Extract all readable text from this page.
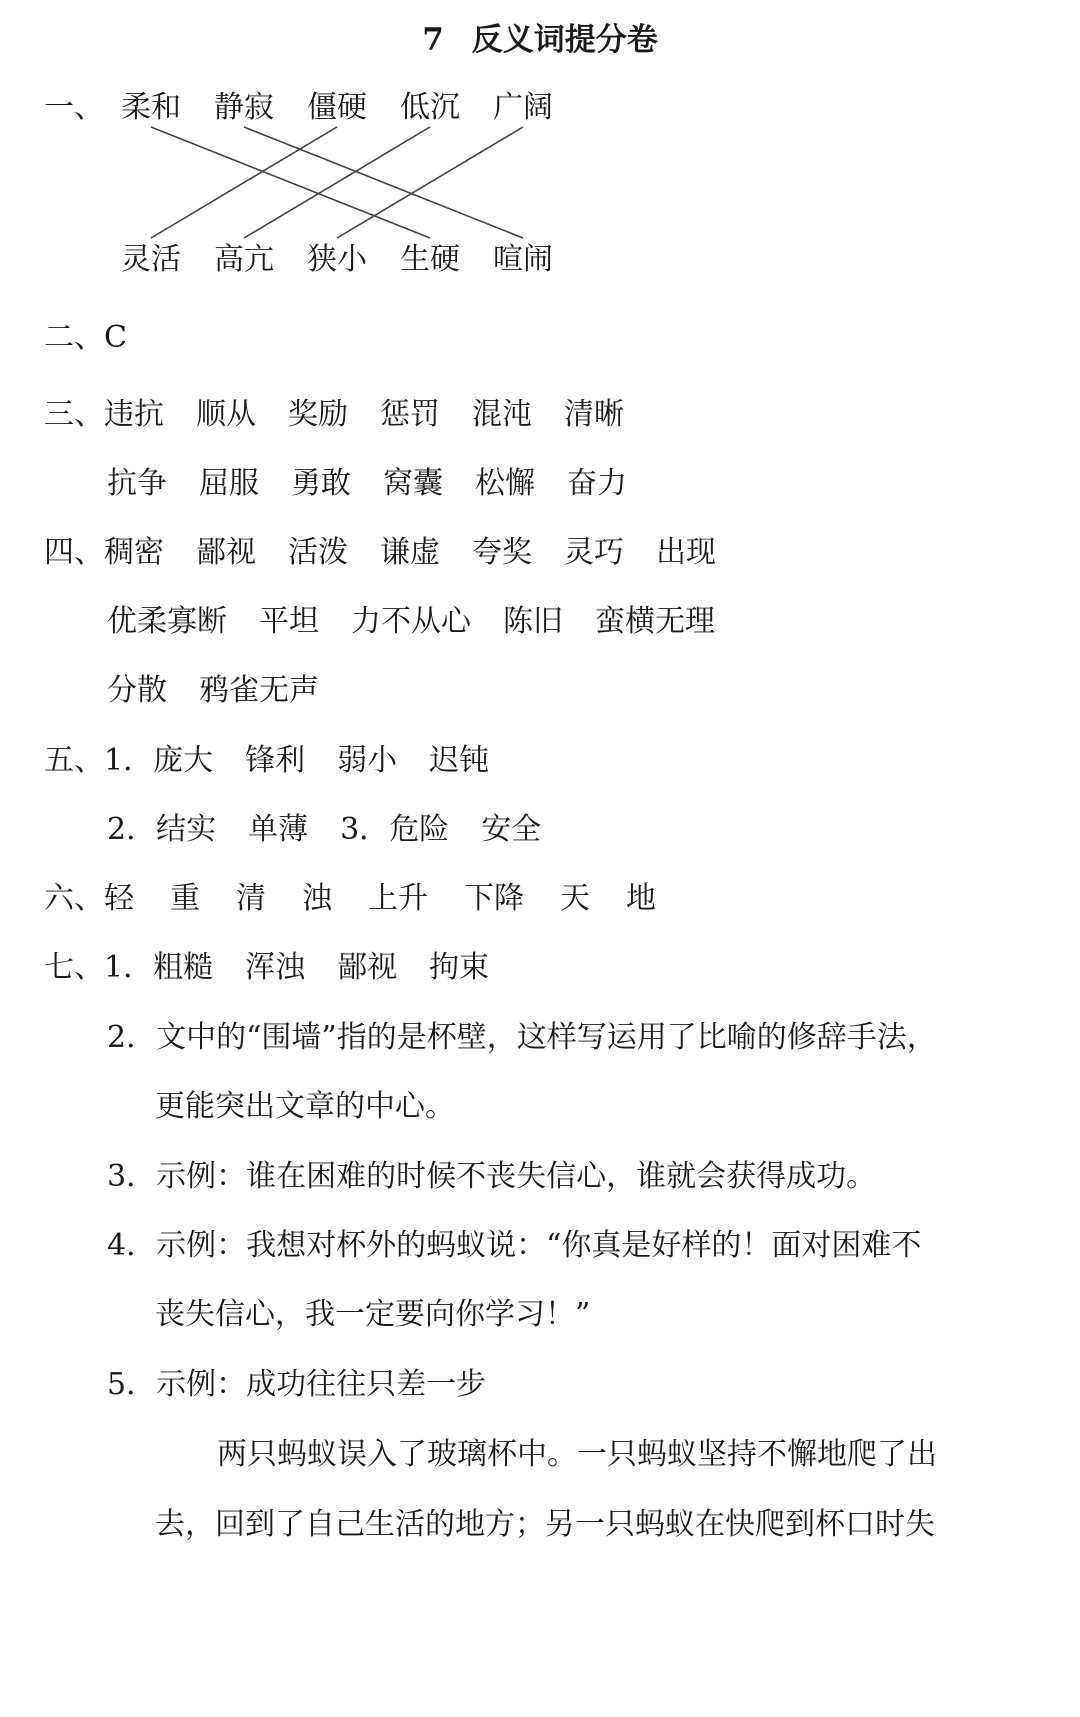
7 反义词提分卷
一、 柔和 静寂 僵硬 低沉 广阔
灵活 高亢 狭小 生硬 喧闹
二、C
三、违抗 顺从 奖励 惩罚 混沌 清晰
抗争 屈服 勇敢 窝囊 松懈 奋力
四、稠密 鄙视 活泼 谦虚 夸奖 灵巧 出现
优柔寡断 平坦 力不从心 陈旧 蛮横无理
分散 鸦雀无声
五、1．庞大 锋利 弱小 迟钝
2．结实 单薄 3．危险 安全
六、轻 重 清 浊 上升 下降 天 地
七、1．粗糙 浑浊 鄙视 拘束
2．文中的“围墙”指的是杯壁，这样写运用了比喻的修辞手法，
更能突出文章的中心。
3．示例：谁在困难的时候不丧失信心，谁就会获得成功。
4．示例：我想对杯外的蚂蚁说：“你真是好样的！面对困难不
丧失信心，我一定要向你学习！”
5．示例：成功往往只差一步
两只蚂蚁误入了玻璃杯中。一只蚂蚁坚持不懈地爬了出
去，回到了自己生活的地方；另一只蚂蚁在快爬到杯口时失
